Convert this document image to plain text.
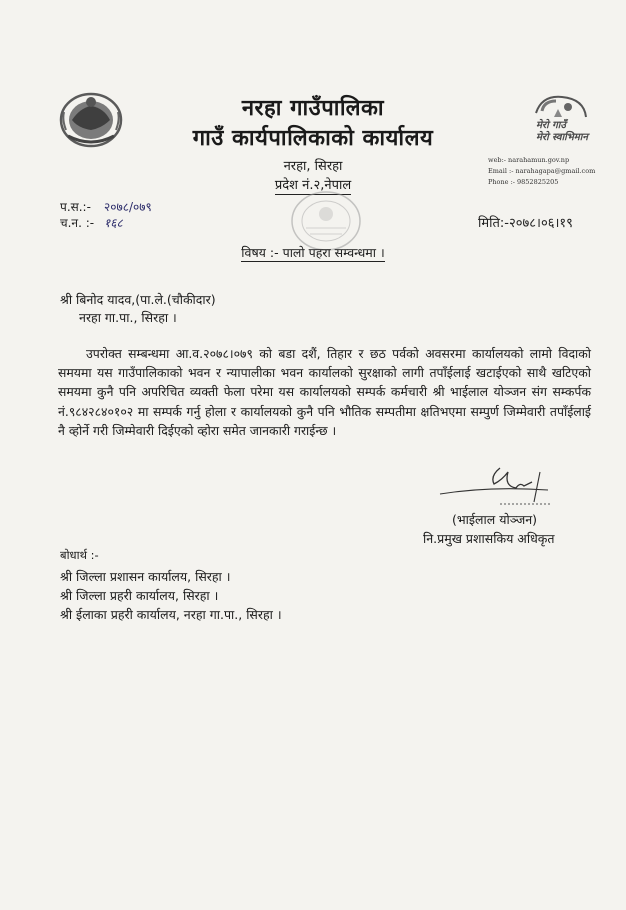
मेरो गाउँ
मेरो स्वाभिमान
नरहा गाउँपालिका
गाउँ कार्यपालिकाको कार्यालय
नरहा, सिरहा
प्रदेश नं.२,नेपाल
web:- narahamun.gov.np
Email :- narahagapa@gmail.com
Phone :- 9852825205
प.स.:- २०७८/०७९
च.न. :- १६८	मिति:-२०७८।०६।१९
विषय :- पालो पहरा सम्वन्धमा ।
श्री बिनोद यादव,(पा.ले.(चौकीदार)
नरहा गा.पा., सिरहा ।
उपरोक्त सम्बन्धमा आ.व.२०७८।०७९ को बडा दशैं, तिहार र छठ पर्वको अवसरमा कार्यालयको लामो विदाको समयमा यस गाउँपालिकाको भवन र न्यापालीका भवन कार्यालको सुरक्षाको लागी तपाँईलाई खटाईएको साथै खटिएको समयमा कुनै पनि अपरिचित व्यक्ती फेला परेमा यस कार्यालयको सम्पर्क कर्मचारी श्री भाईलाल योञ्जन संग सम्कर्पक नं.९८४२८४०१०२ मा सम्पर्क गर्नु होला र कार्यालयको कुनै पनि भौतिक सम्पतीमा क्षतिभएमा सम्पुर्ण जिम्मेवारी तपाँईलाई नै व्होर्ने गरी जिम्मेवारी दिईएको व्होरा समेत जानकारी गराईन्छ ।
(भाईलाल योञ्जन)
नि.प्रमुख प्रशासकिय अधिकृत
बोधार्थ :-
श्री जिल्ला प्रशासन कार्यालय, सिरहा ।
श्री जिल्ला प्रहरी कार्यालय, सिरहा ।
श्री ईलाका प्रहरी कार्यालय, नरहा गा.पा., सिरहा ।
